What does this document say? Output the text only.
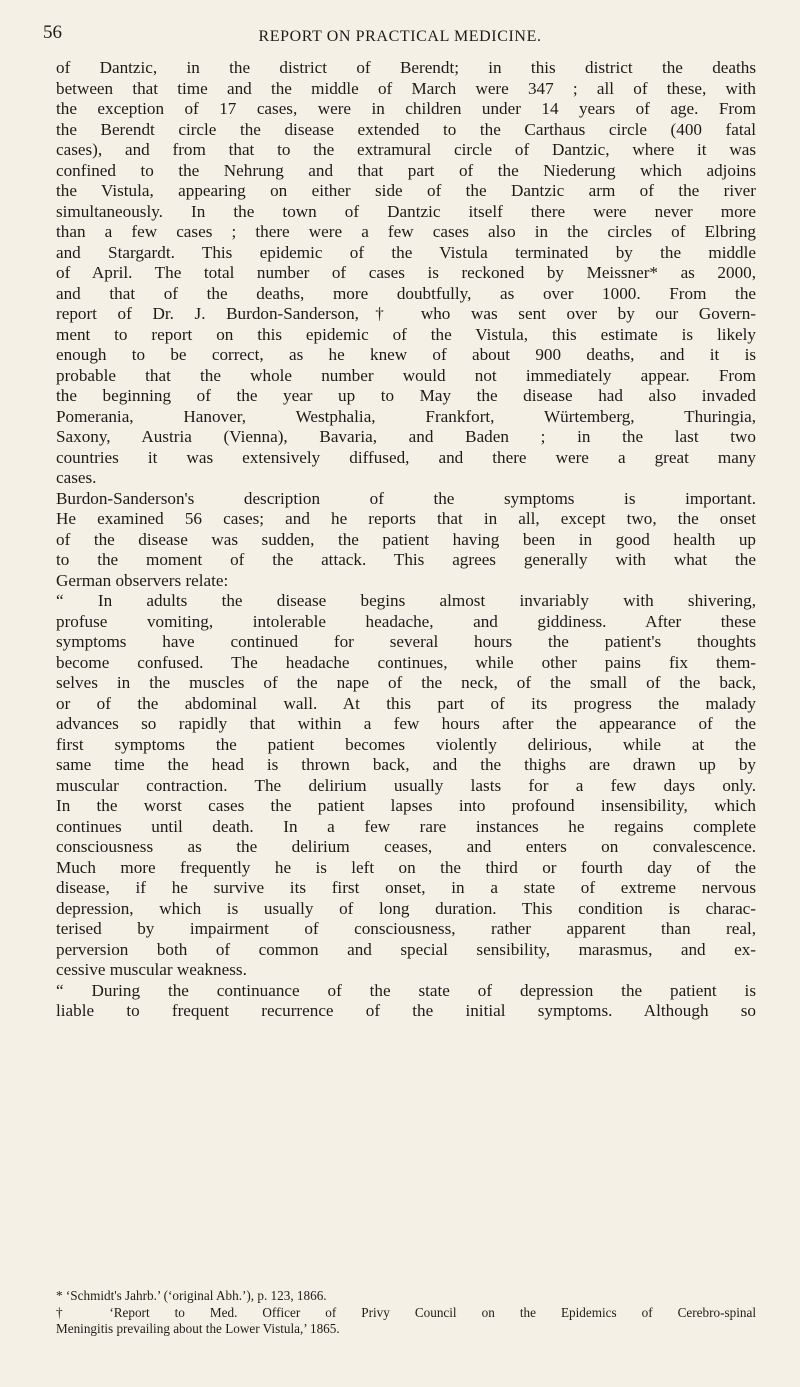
56	REPORT ON PRACTICAL MEDICINE.
of Dantzic, in the district of Berendt; in this district the deaths
between that time and the middle of March were 347 ; all of these, with
the exception of 17 cases, were in children under 14 years of age. From
the Berendt circle the disease extended to the Carthaus circle (400 fatal
cases), and from that to the extramural circle of Dantzic, where it was
confined to the Nehrung and that part of the Niederung which adjoins
the Vistula, appearing on either side of the Dantzic arm of the river
simultaneously. In the town of Dantzic itself there were never more
than a few cases ; there were a few cases also in the circles of Elbring
and Stargardt. This epidemic of the Vistula terminated by the middle
of April. The total number of cases is reckoned by Meissner* as 2000,
and that of the deaths, more doubtfully, as over 1000. From the
report of Dr. J. Burdon-Sanderson,† who was sent over by our Govern-
ment to report on this epidemic of the Vistula, this estimate is likely
enough to be correct, as he knew of about 900 deaths, and it is
probable that the whole number would not immediately appear. From
the beginning of the year up to May the disease had also invaded
Pomerania, Hanover, Westphalia, Frankfort, Würtemberg, Thuringia,
Saxony, Austria (Vienna), Bavaria, and Baden ; in the last two
countries it was extensively diffused, and there were a great many
cases.
Burdon-Sanderson's description of the symptoms is important.
He examined 56 cases; and he reports that in all, except two, the onset
of the disease was sudden, the patient having been in good health up
to the moment of the attack. This agrees generally with what the
German observers relate:
“ In adults the disease begins almost invariably with shivering,
profuse vomiting, intolerable headache, and giddiness. After these
symptoms have continued for several hours the patient's thoughts
become confused. The headache continues, while other pains fix them-
selves in the muscles of the nape of the neck, of the small of the back,
or of the abdominal wall. At this part of its progress the malady
advances so rapidly that within a few hours after the appearance of the
first symptoms the patient becomes violently delirious, while at the
same time the head is thrown back, and the thighs are drawn up by
muscular contraction. The delirium usually lasts for a few days only.
In the worst cases the patient lapses into profound insensibility, which
continues until death. In a few rare instances he regains complete
consciousness as the delirium ceases, and enters on convalescence.
Much more frequently he is left on the third or fourth day of the
disease, if he survive its first onset, in a state of extreme nervous
depression, which is usually of long duration. This condition is charac-
terised by impairment of consciousness, rather apparent than real,
perversion both of common and special sensibility, marasmus, and ex-
cessive muscular weakness.
“ During the continuance of the state of depression the patient is
liable to frequent recurrence of the initial symptoms. Although so
* ‘Schmidt's Jahrb.’ (‘original Abh.’), p. 123, 1866.
† ‘Report to Med. Officer of Privy Council on the Epidemics of Cerebro-spinal
Meningitis prevailing about the Lower Vistula,’ 1865.
